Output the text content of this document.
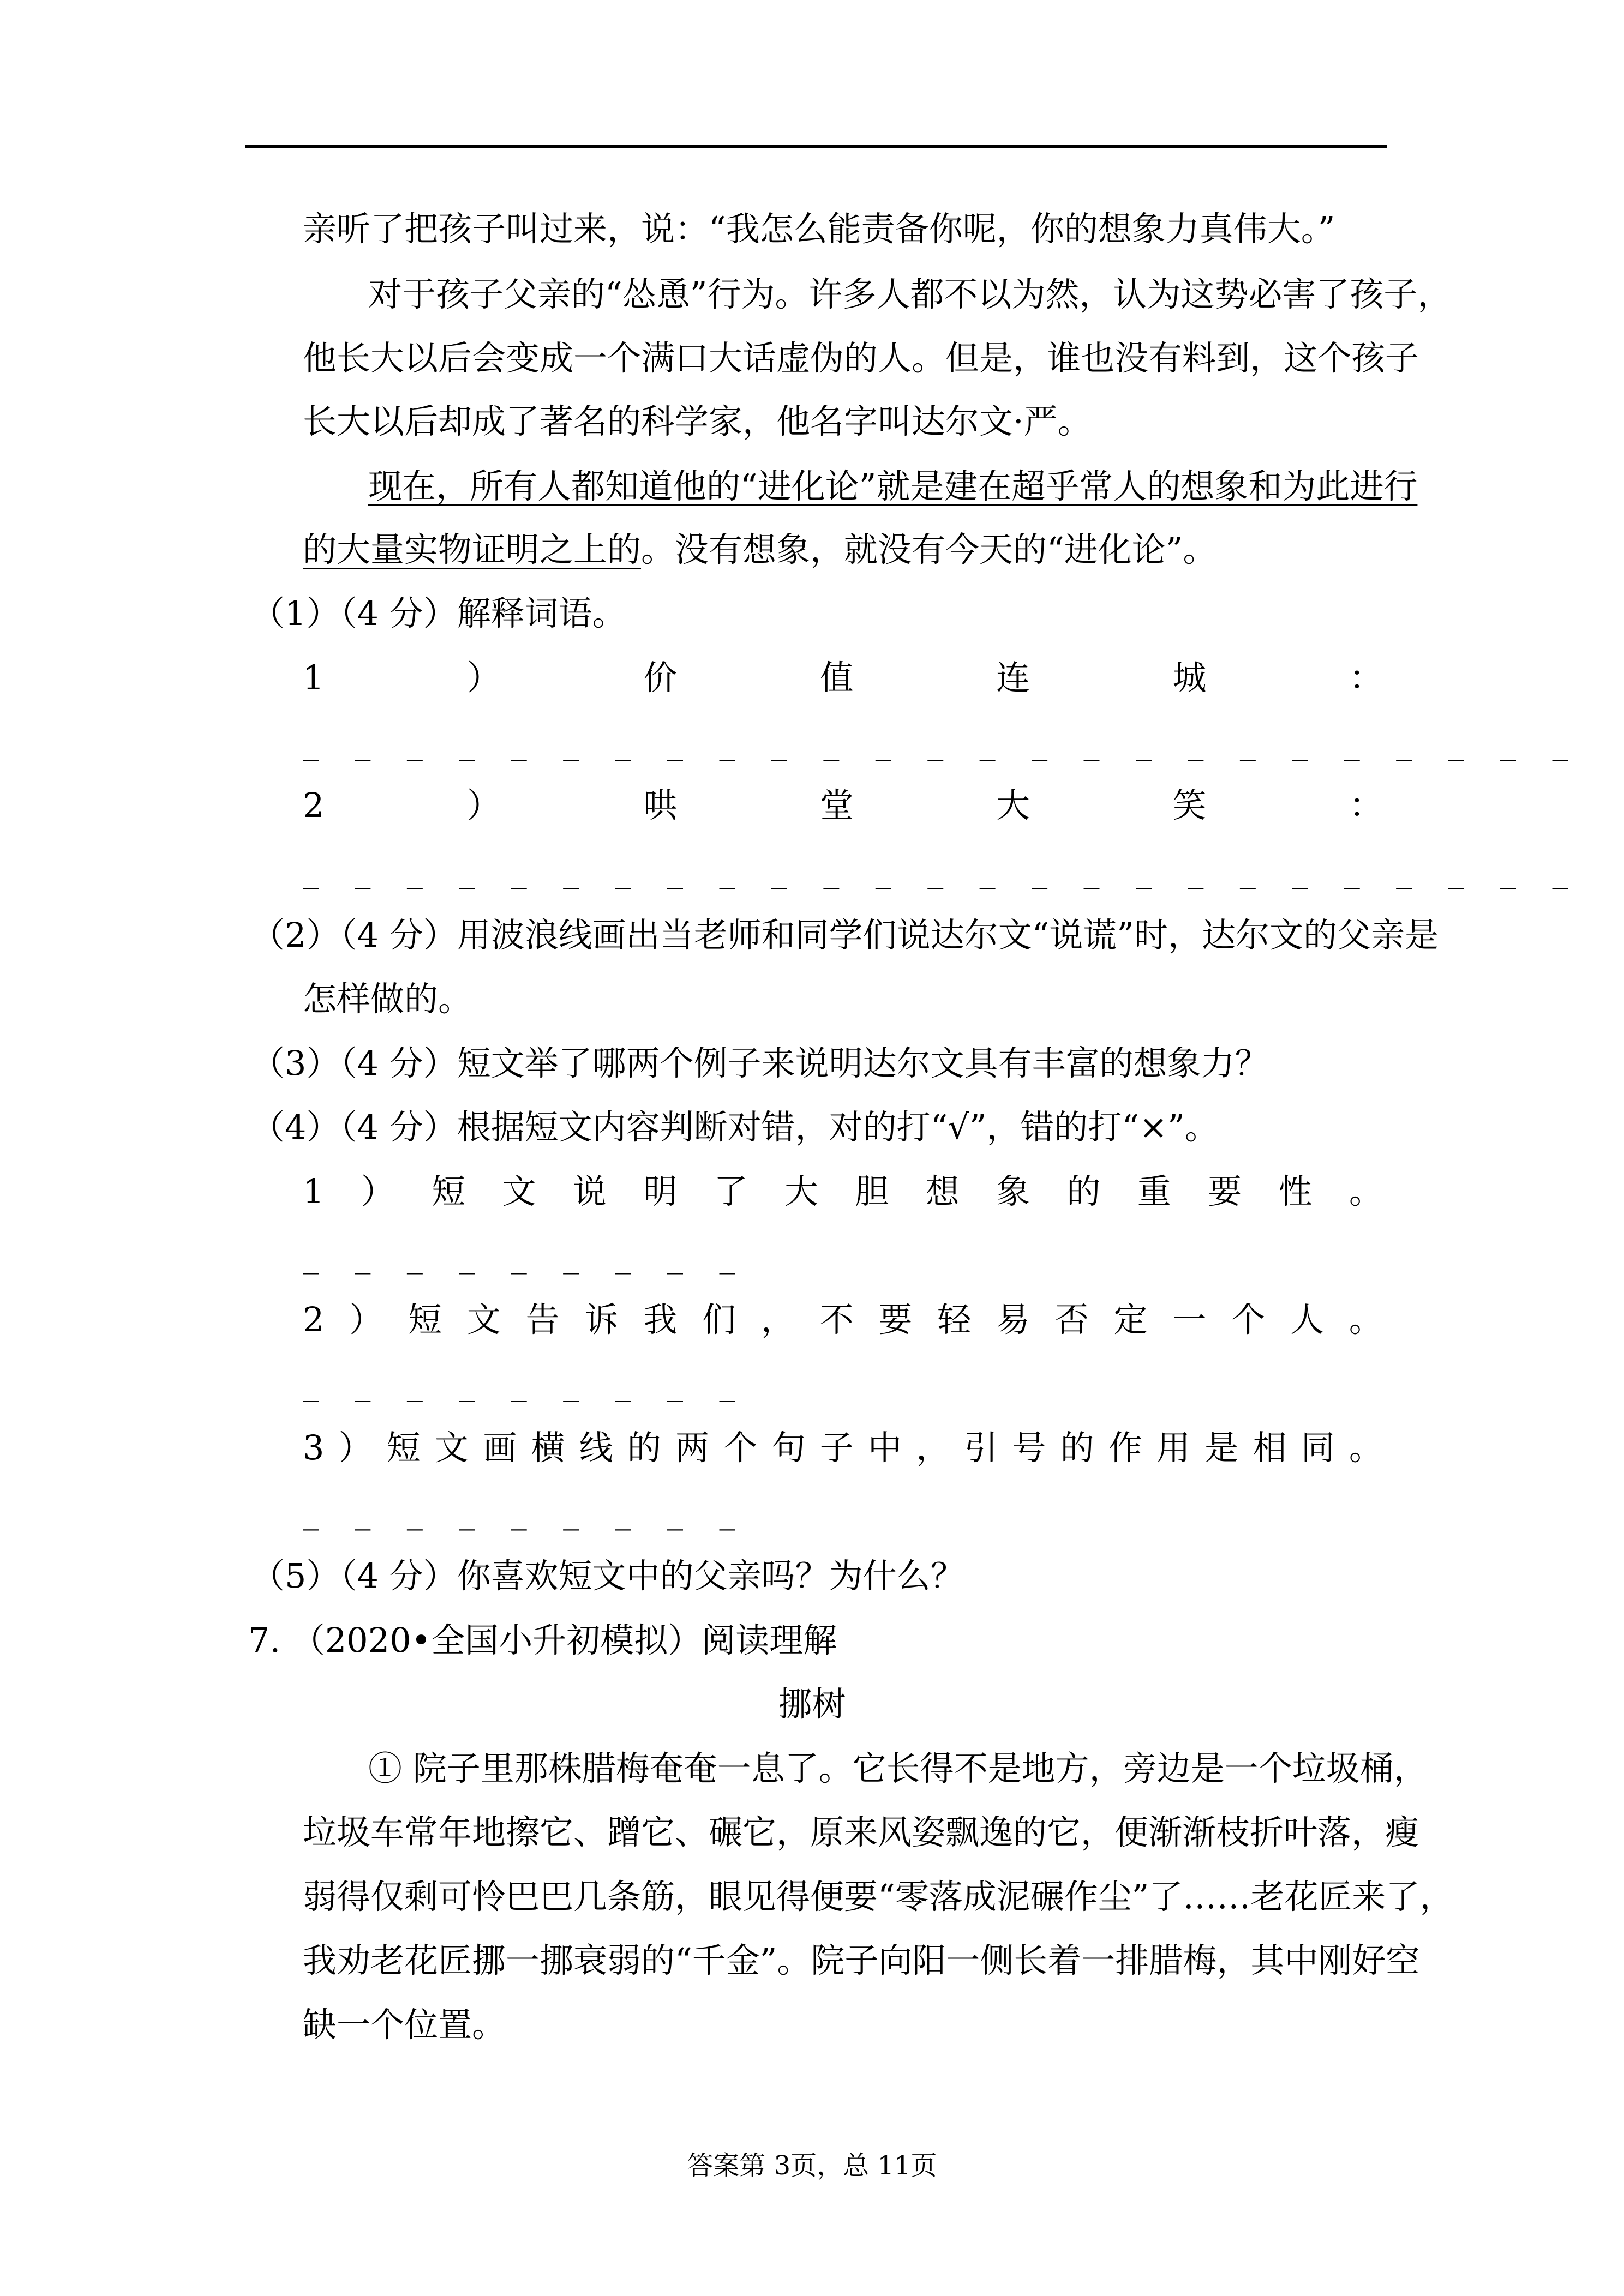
亲听了把孩子叫过来，说：“我怎么能责备你呢，你的想象力真伟大。”
对于孩子父亲的“怂恿”行为。许多人都不以为然，认为这势必害了孩子，
他长大以后会变成一个满口大话虚伪的人。但是，谁也没有料到，这个孩子
长大以后却成了著名的科学家，他名字叫达尔文·严。
现在，所有人都知道他的“进化论”就是建在超乎常人的想象和为此进行
的大量实物证明之上的。没有想象，就没有今天的“进化论”。
（1）（4 分）解释词语。
1	）	价	值	连	城	：
_ _ _ _ _ _ _ _ _ _ _ _ _ _ _ _ _ _ _ _ _ _ _ _ _
2	）	哄	堂	大	笑	：
_ _ _ _ _ _ _ _ _ _ _ _ _ _ _ _ _ _ _ _ _ _ _ _ _
（2）（4 分）用波浪线画出当老师和同学们说达尔文“说谎”时，达尔文的父亲是
怎样做的。
（3）（4 分）短文举了哪两个例子来说明达尔文具有丰富的想象力？
（4）（4 分）根据短文内容判断对错，对的打“√”，错的打“×”。
1 ） 短 文 说 明 了 大 胆 想 象 的 重 要 性 。
_ _ _ _ _ _ _ _ _
2 ） 短 文 告 诉 我 们 ， 不 要 轻 易 否 定 一 个 人 。
_ _ _ _ _ _ _ _ _
3 ） 短 文 画 横 线 的 两 个 句 子 中 ， 引 号 的 作 用 是 相 同 。
_ _ _ _ _ _ _ _ _
（5）（4 分）你喜欢短文中的父亲吗？为什么？
7. （2020•全国小升初模拟）阅读理解
挪树
① 院子里那株腊梅奄奄一息了。它长得不是地方，旁边是一个垃圾桶，
垃圾车常年地擦它、蹭它、碾它，原来风姿飘逸的它，便渐渐枝折叶落，瘦
弱得仅剩可怜巴巴几条筋，眼见得便要“零落成泥碾作尘”了……老花匠来了，
我劝老花匠挪一挪衰弱的“千金”。院子向阳一侧长着一排腊梅，其中刚好空
缺一个位置。
答案第 3页，总 11页
